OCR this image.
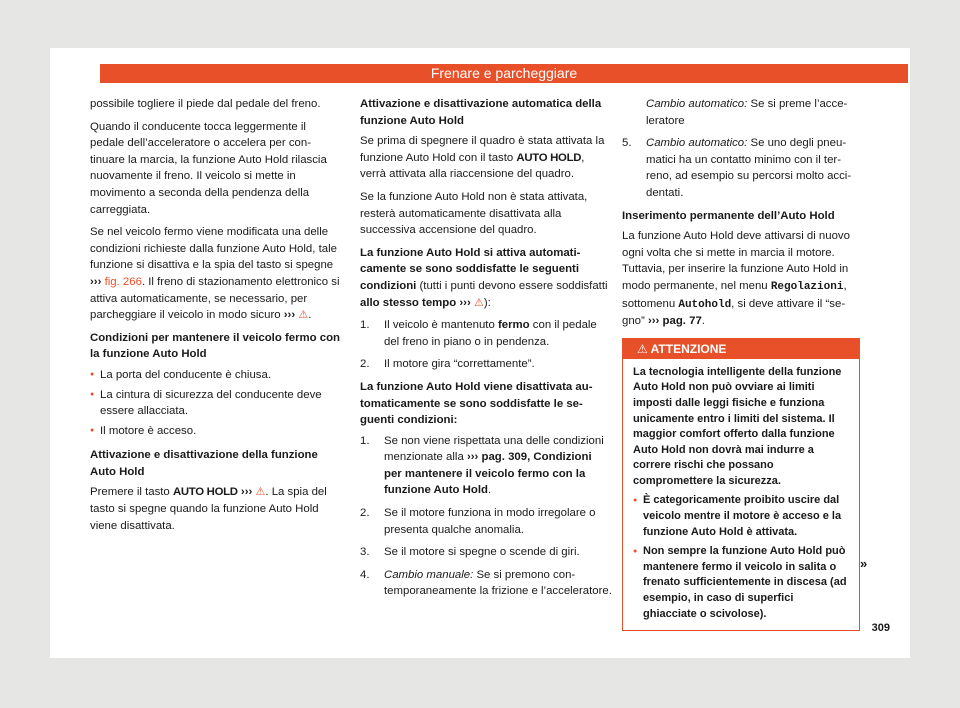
Frenare e parcheggiare

possibile togliere il piede dal pedale del freno.

Quando il conducente tocca leggermente il pedale dell’acceleratore o accelera per continuare la marcia, la funzione Auto Hold rilascia nuovamente il freno. Il veicolo si mette in movimento a seconda della pendenza della carreggiata.

Se nel veicolo fermo viene modificata una delle condizioni richieste dalla funzione Auto Hold, tale funzione si disattiva e la spia del tasto si spegne ››› fig. 266. Il freno di stazionamento elettronico si attiva automaticamente, se necessario, per parcheggiare il veicolo in modo sicuro ››› ⚠.

Condizioni per mantenere il veicolo fermo con la funzione Auto Hold

● La porta del conducente è chiusa.

● La cintura di sicurezza del conducente deve essere allacciata.

● Il motore è acceso.

Attivazione e disattivazione della funzione Auto Hold

Premere il tasto AUTO HOLD ››› ⚠. La spia del tasto si spegne quando la funzione Auto Hold viene disattivata.

Attivazione e disattivazione automatica della funzione Auto Hold

Se prima di spegnere il quadro è stata attivata la funzione Auto Hold con il tasto AUTO HOLD, verrà attivata alla riaccensione del quadro.

Se la funzione Auto Hold non è stata attivata, resterà automaticamente disattivata alla successiva accensione del quadro.

La funzione Auto Hold si attiva automaticamente se sono soddisfatte le seguenti condizioni (tutti i punti devono essere soddisfatti allo stesso tempo ››› ⚠):

1. Il veicolo è mantenuto fermo con il pedale del freno in piano o in pendenza.

2. Il motore gira “correttamente”.

La funzione Auto Hold viene disattivata automaticamente se sono soddisfatte le seguenti condizioni:

1. Se non viene rispettata una delle condizioni menzionate alla ››› pag. 309, Condizioni per mantenere il veicolo fermo con la funzione Auto Hold.

2. Se il motore funziona in modo irregolare o presenta qualche anomalia.

3. Se il motore si spegne o scende di giri.

4. Cambio manuale: Se si premono contemporaneamente la frizione e l’acceleratore.

Cambio automatico: Se si preme l’acceleratore

5. Cambio automatico: Se uno degli pneumatici ha un contatto minimo con il terreno, ad esempio su percorsi molto accidentati.

Inserimento permanente dell’Auto Hold

La funzione Auto Hold deve attivarsi di nuovo ogni volta che si mette in marcia il motore. Tuttavia, per inserire la funzione Auto Hold in modo permanente, nel menu Regolazioni, sottomenu Autohold, si deve attivare il “segno” ››› pag. 77.

⚠ ATTENZIONE

La tecnologia intelligente della funzione Auto Hold non può ovviare ai limiti imposti dalle leggi fisiche e funziona unicamente entro i limiti del sistema. Il maggior comfort offerto dalla funzione Auto Hold non dovrà mai indurre a correre rischi che possano compromettere la sicurezza.

● È categoricamente proibito uscire dal veicolo mentre il motore è acceso e la funzione Auto Hold è attivata.

● Non sempre la funzione Auto Hold può mantenere fermo il veicolo in salita o frenato sufficientemente in discesa (ad esempio, in caso di superfici ghiacciate o scivolose).

»
309
